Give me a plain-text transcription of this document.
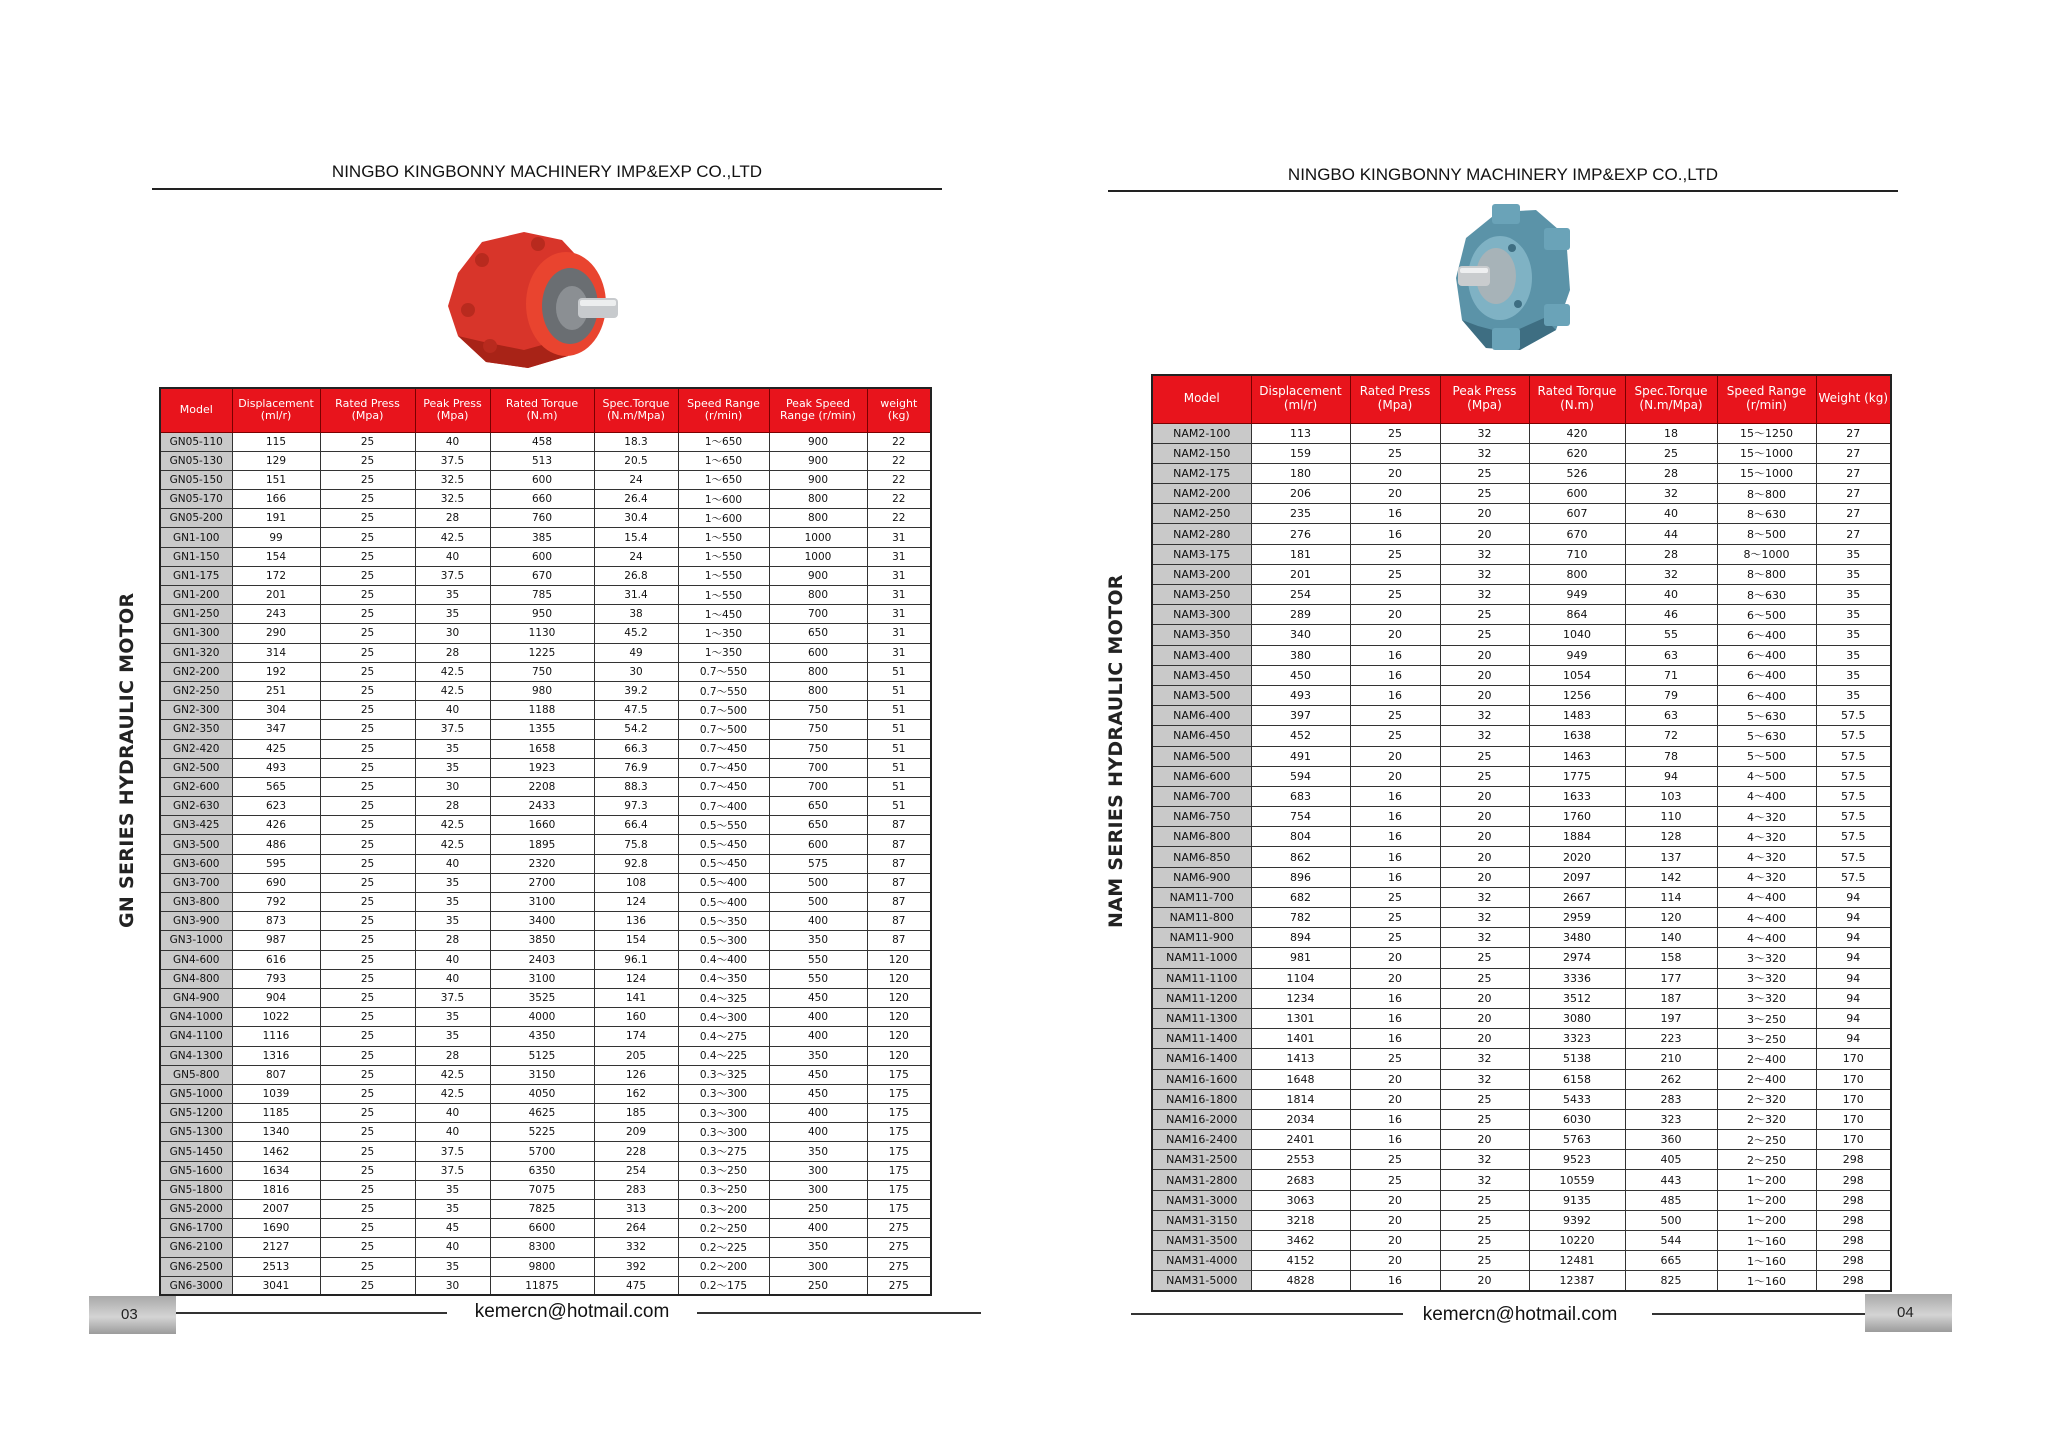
NINGBO KINGBONNY MACHINERY IMP&EXP CO.,LTD
GN SERIES HYDRAULIC MOTOR
Model	Displacement (ml/r)	Rated Press (Mpa)	Peak Press (Mpa)	Rated Torque (N.m)	Spec.Torque (N.m/Mpa)	Speed Range (r/min)	Peak Speed Range (r/min)	weight (kg)
GN05-110	115	25	40	458	18.3	1～650	900	22
GN05-130	129	25	37.5	513	20.5	1～650	900	22
GN05-150	151	25	32.5	600	24	1～650	900	22
GN05-170	166	25	32.5	660	26.4	1～600	800	22
GN05-200	191	25	28	760	30.4	1～600	800	22
GN1-100	99	25	42.5	385	15.4	1～550	1000	31
GN1-150	154	25	40	600	24	1～550	1000	31
GN1-175	172	25	37.5	670	26.8	1～550	900	31
GN1-200	201	25	35	785	31.4	1～550	800	31
GN1-250	243	25	35	950	38	1～450	700	31
GN1-300	290	25	30	1130	45.2	1～350	650	31
GN1-320	314	25	28	1225	49	1～350	600	31
GN2-200	192	25	42.5	750	30	0.7～550	800	51
GN2-250	251	25	42.5	980	39.2	0.7～550	800	51
GN2-300	304	25	40	1188	47.5	0.7～500	750	51
GN2-350	347	25	37.5	1355	54.2	0.7～500	750	51
GN2-420	425	25	35	1658	66.3	0.7～450	750	51
GN2-500	493	25	35	1923	76.9	0.7～450	700	51
GN2-600	565	25	30	2208	88.3	0.7～450	700	51
GN2-630	623	25	28	2433	97.3	0.7～400	650	51
GN3-425	426	25	42.5	1660	66.4	0.5～550	650	87
GN3-500	486	25	42.5	1895	75.8	0.5～450	600	87
GN3-600	595	25	40	2320	92.8	0.5～450	575	87
GN3-700	690	25	35	2700	108	0.5～400	500	87
GN3-800	792	25	35	3100	124	0.5～400	500	87
GN3-900	873	25	35	3400	136	0.5～350	400	87
GN3-1000	987	25	28	3850	154	0.5～300	350	87
GN4-600	616	25	40	2403	96.1	0.4～400	550	120
GN4-800	793	25	40	3100	124	0.4～350	550	120
GN4-900	904	25	37.5	3525	141	0.4～325	450	120
GN4-1000	1022	25	35	4000	160	0.4～300	400	120
GN4-1100	1116	25	35	4350	174	0.4～275	400	120
GN4-1300	1316	25	28	5125	205	0.4～225	350	120
GN5-800	807	25	42.5	3150	126	0.3～325	450	175
GN5-1000	1039	25	42.5	4050	162	0.3～300	450	175
GN5-1200	1185	25	40	4625	185	0.3～300	400	175
GN5-1300	1340	25	40	5225	209	0.3～300	400	175
GN5-1450	1462	25	37.5	5700	228	0.3～275	350	175
GN5-1600	1634	25	37.5	6350	254	0.3～250	300	175
GN5-1800	1816	25	35	7075	283	0.3～250	300	175
GN5-2000	2007	25	35	7825	313	0.3～200	250	175
GN6-1700	1690	25	45	6600	264	0.2～250	400	275
GN6-2100	2127	25	40	8300	332	0.2～225	350	275
GN6-2500	2513	25	35	9800	392	0.2～200	300	275
GN6-3000	3041	25	30	11875	475	0.2～175	250	275
03	kemercn@hotmail.com
NINGBO KINGBONNY MACHINERY IMP&EXP CO.,LTD
NAM SERIES HYDRAULIC MOTOR
Model	Displacement (ml/r)	Rated Press (Mpa)	Peak Press (Mpa)	Rated Torque (N.m)	Spec.Torque (N.m/Mpa)	Speed Range (r/min)	Weight (kg)
NAM2-100	113	25	32	420	18	15～1250	27
NAM2-150	159	25	32	620	25	15～1000	27
NAM2-175	180	20	25	526	28	15～1000	27
NAM2-200	206	20	25	600	32	8～800	27
NAM2-250	235	16	20	607	40	8～630	27
NAM2-280	276	16	20	670	44	8～500	27
NAM3-175	181	25	32	710	28	8～1000	35
NAM3-200	201	25	32	800	32	8～800	35
NAM3-250	254	25	32	949	40	8～630	35
NAM3-300	289	20	25	864	46	6～500	35
NAM3-350	340	20	25	1040	55	6～400	35
NAM3-400	380	16	20	949	63	6～400	35
NAM3-450	450	16	20	1054	71	6～400	35
NAM3-500	493	16	20	1256	79	6～400	35
NAM6-400	397	25	32	1483	63	5～630	57.5
NAM6-450	452	25	32	1638	72	5～630	57.5
NAM6-500	491	20	25	1463	78	5～500	57.5
NAM6-600	594	20	25	1775	94	4～500	57.5
NAM6-700	683	16	20	1633	103	4～400	57.5
NAM6-750	754	16	20	1760	110	4～320	57.5
NAM6-800	804	16	20	1884	128	4～320	57.5
NAM6-850	862	16	20	2020	137	4～320	57.5
NAM6-900	896	16	20	2097	142	4～320	57.5
NAM11-700	682	25	32	2667	114	4～400	94
NAM11-800	782	25	32	2959	120	4～400	94
NAM11-900	894	25	32	3480	140	4～400	94
NAM11-1000	981	20	25	2974	158	3～320	94
NAM11-1100	1104	20	25	3336	177	3～320	94
NAM11-1200	1234	16	20	3512	187	3～320	94
NAM11-1300	1301	16	20	3080	197	3～250	94
NAM11-1400	1401	16	20	3323	223	3～250	94
NAM16-1400	1413	25	32	5138	210	2～400	170
NAM16-1600	1648	20	32	6158	262	2～400	170
NAM16-1800	1814	20	25	5433	283	2～320	170
NAM16-2000	2034	16	25	6030	323	2～320	170
NAM16-2400	2401	16	20	5763	360	2～250	170
NAM31-2500	2553	25	32	9523	405	2～250	298
NAM31-2800	2683	25	32	10559	443	1～200	298
NAM31-3000	3063	20	25	9135	485	1～200	298
NAM31-3150	3218	20	25	9392	500	1～200	298
NAM31-3500	3462	20	25	10220	544	1～160	298
NAM31-4000	4152	20	25	12481	665	1～160	298
NAM31-5000	4828	16	20	12387	825	1～160	298
kemercn@hotmail.com	04
